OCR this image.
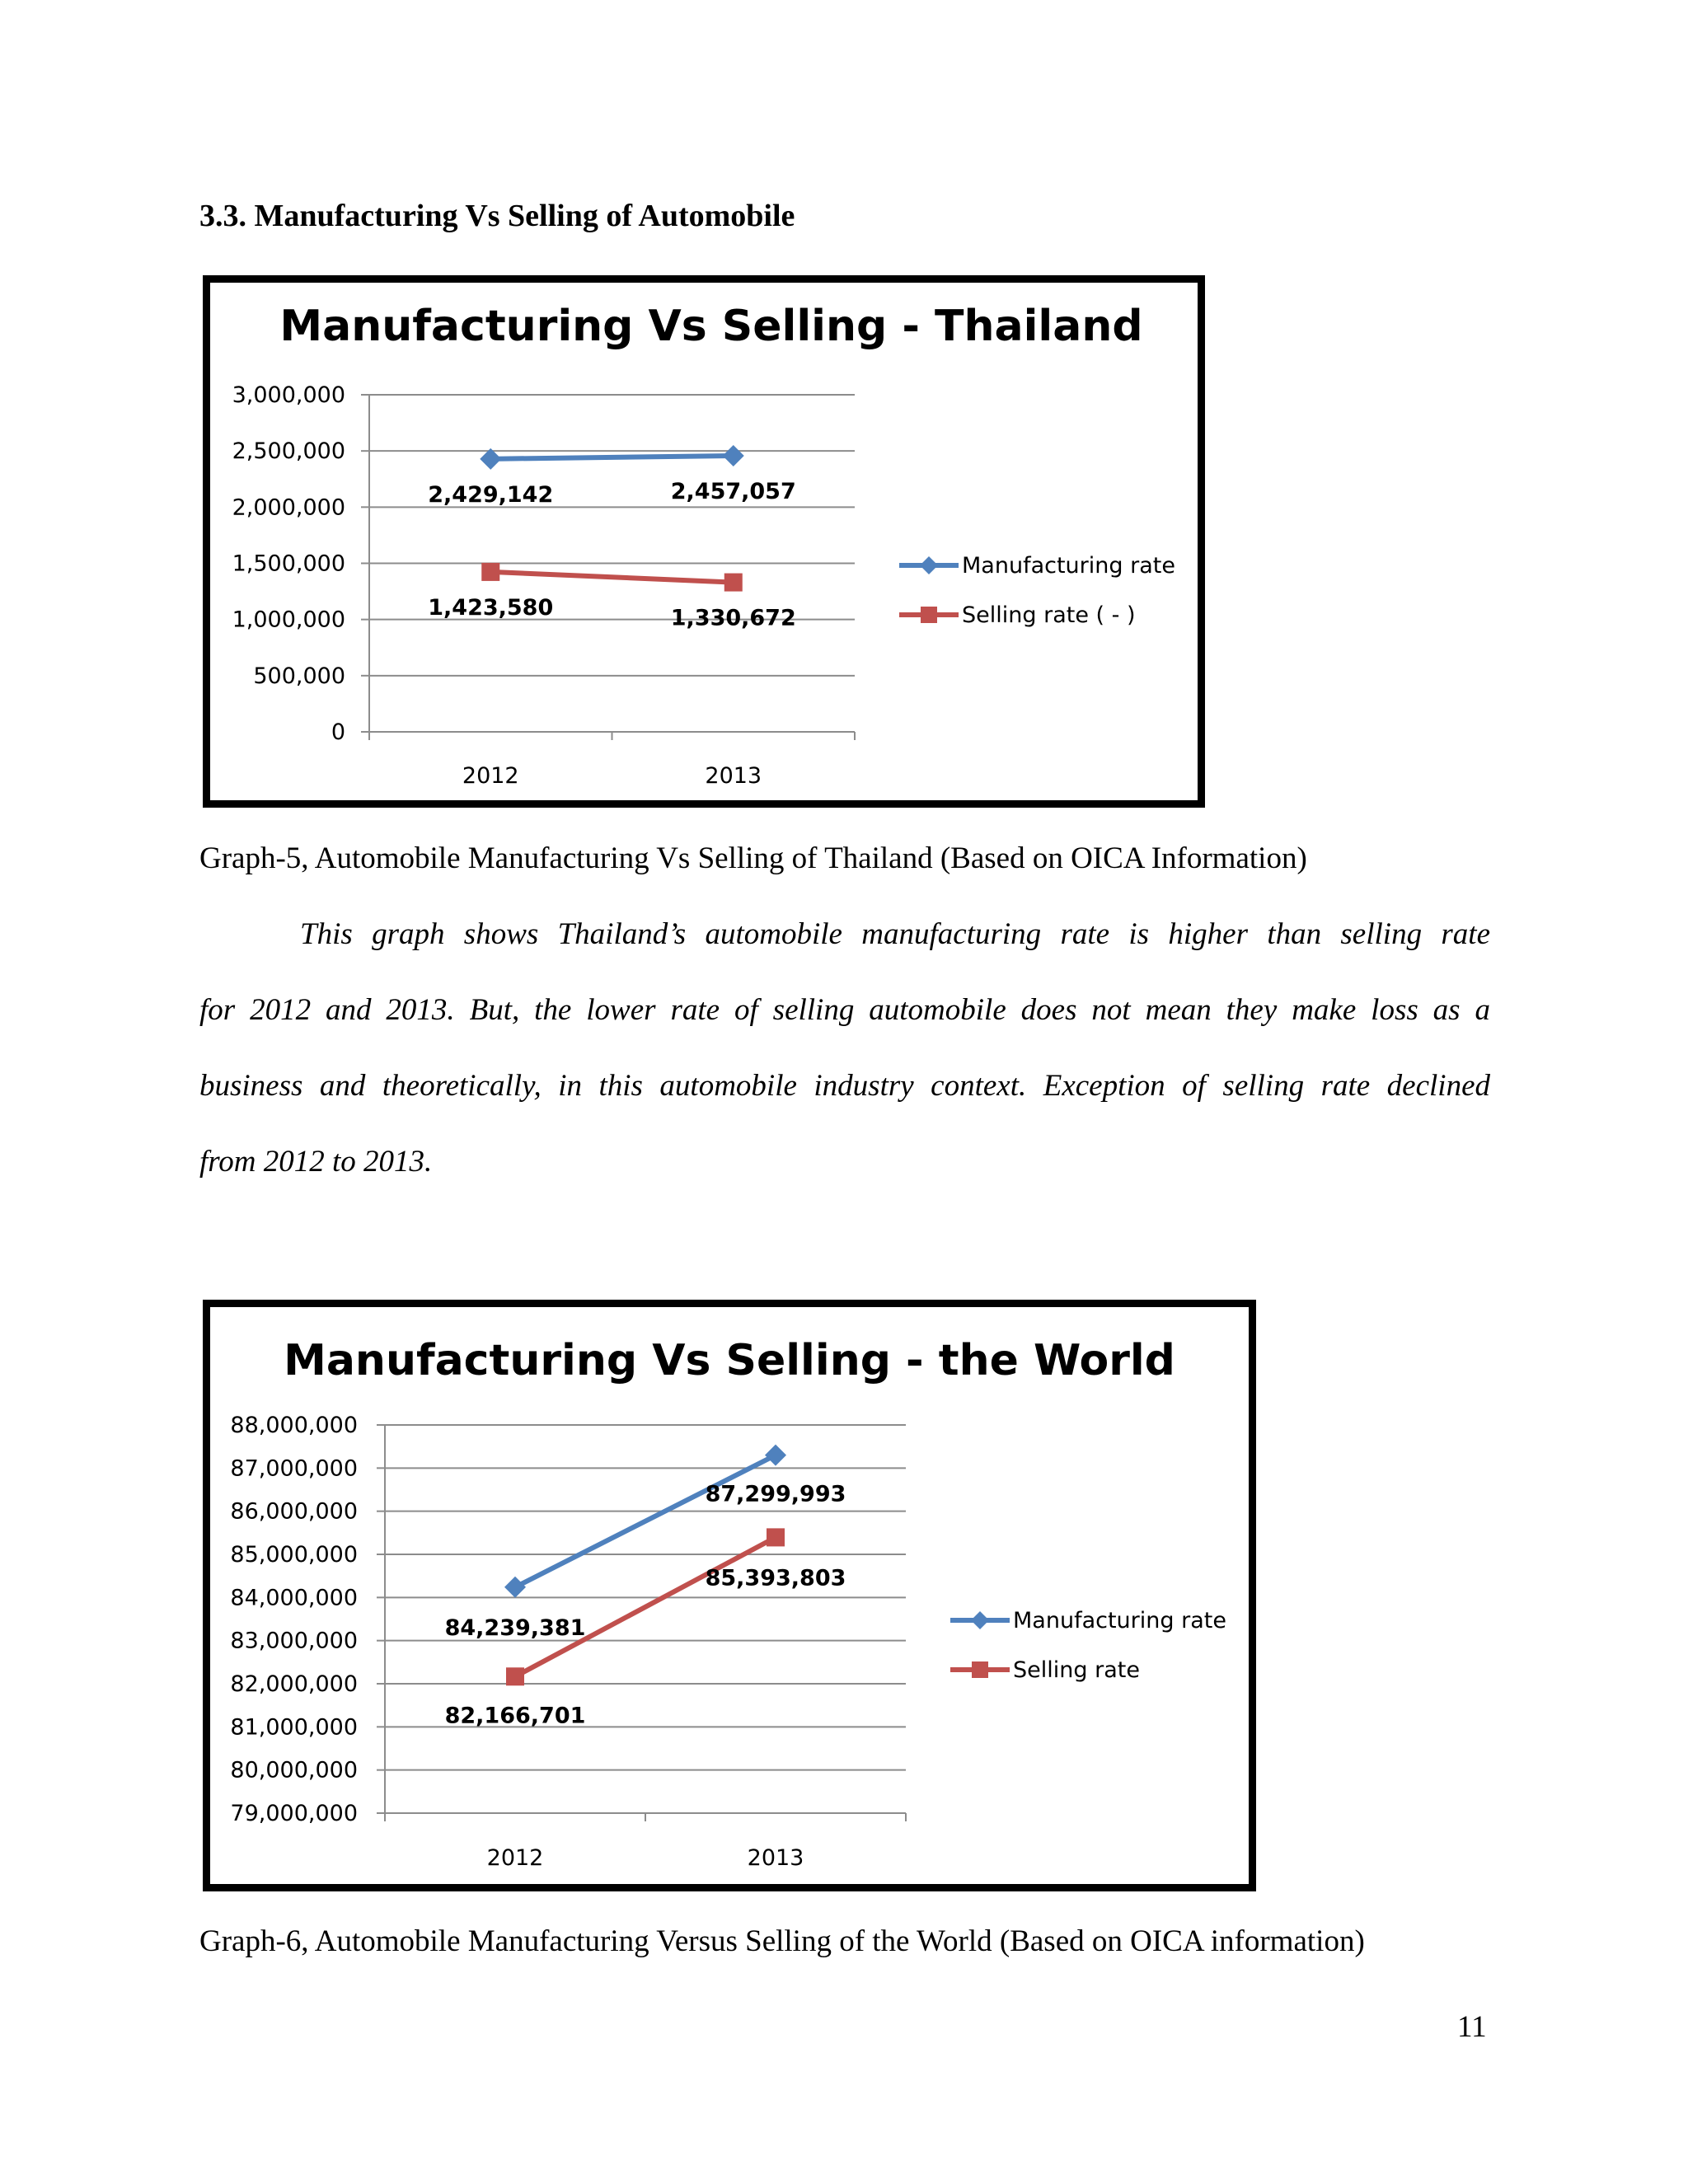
3.3. Manufacturing Vs Selling of Automobile
Manufacturing Vs Selling - Thailand
0
500,000
1,000,000
1,500,000
2,000,000
2,500,000
3,000,000
2012	2013
2,429,142	2,457,057
1,423,580	1,330,672
Manufacturing rate
Selling rate ( - )
Graph-5, Automobile Manufacturing Vs Selling of Thailand (Based on OICA Information)
This graph shows Thailand’s automobile manufacturing rate is higher than selling rate
for 2012 and 2013. But, the lower rate of selling automobile does not mean they make loss as a
business and theoretically, in this automobile industry context. Exception of selling rate declined
from 2012 to 2013.
Manufacturing Vs Selling - the World
79,000,000
80,000,000
81,000,000
82,000,000
83,000,000
84,000,000
85,000,000
86,000,000
87,000,000
88,000,000
2012	2013
84,239,381
87,299,993
82,166,701
85,393,803
Manufacturing rate
Selling rate
Graph-6, Automobile Manufacturing Versus Selling of the World (Based on OICA information)
11
